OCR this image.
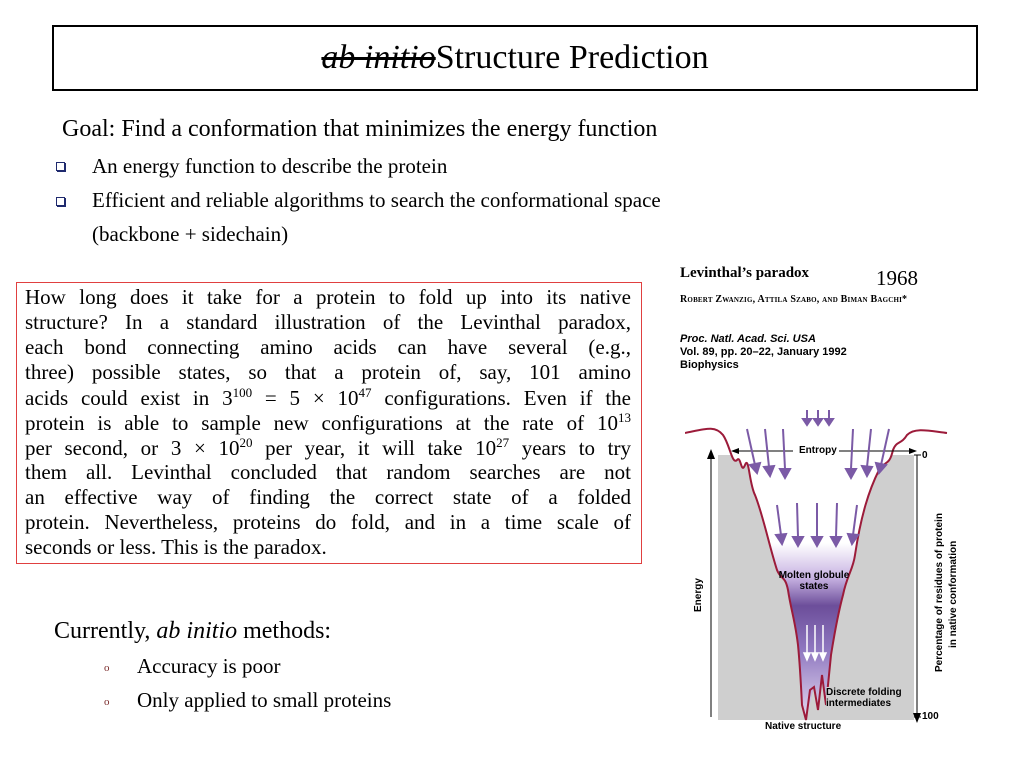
ab initio Structure Prediction
Goal: Find a conformation that minimizes the energy function
An energy function to describe the protein
Efficient and reliable algorithms to search the conformational space
(backbone + sidechain)
How long does it take for a protein to fold up into its native
structure? In a standard illustration of the Levinthal paradox,
each bond connecting amino acids can have several (e.g.,
three) possible states, so that a protein of, say, 101 amino
acids could exist in $3^{100} = 5 \times 10^{47}$ configurations. Even if the
protein is able to sample new configurations at the rate of $10^{13}$
per second, or $3 \times 10^{20}$ per year, it will take $10^{27}$ years to try
them all. Levinthal concluded that random searches are not
an effective way of finding the correct state of a folded
protein. Nevertheless, proteins do fold, and in a time scale of
seconds or less. This is the paradox.
Levinthal’s paradox	1968
Robert Zwanzig, Attila Szabo, and Biman Bagchi*
Proc. Natl. Acad. Sci. USA
Vol. 89, pp. 20–22, January 1992
Biophysics
Entropy	0
100
Energy
Molten globule
states
Discrete folding
intermediates
Native structure
Percentage of residues of protein in native conformation
Currently, ab initio methods:
o Accuracy is poor
o Only applied to small proteins
